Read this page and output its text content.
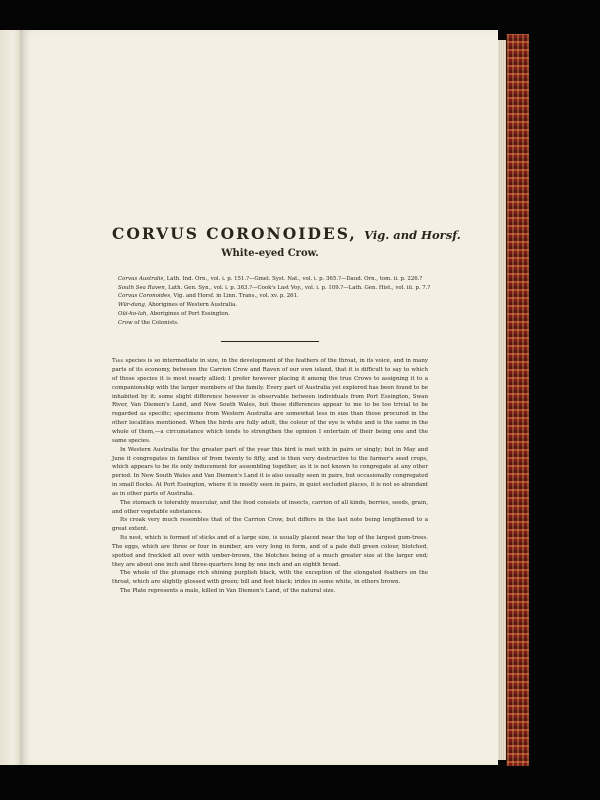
CORVUS CORONOIDES, Vig. and Horsf.
White-eyed Crow.
Corvus Australis, Lath. Ind. Orn., vol. i. p. 151.?—Gmel. Syst. Nat., vol. i. p. 365.?—Daud. Orn., tom. ii. p. 226.?
South Sea Raven, Lath. Gen. Syn., vol. i. p. 363.?—Cook's Last Voy., vol. i. p. 109.?—Lath. Gen. Hist., vol. iii. p. 7.?
Corvus Coronoides, Vig. and Horsf. in Linn. Trans., vol. xv. p. 261.
Wür-dang, Aborigines of Western Australia.
Oüi-ho-lah, Aborigines of Port Essington.
Crow of the Colonists.

This species is so intermediate in size, in the development of the feathers of the throat, in its voice, and in many parts of its economy, between the Carrion Crow and Raven of our own island, that it is difficult to say to which of those species it is most nearly allied; I prefer however placing it among the true Crows to assigning it to a companionship with the larger members of the family. Every part of Australia yet explored has been found to be inhabited by it; some slight difference however is observable between individuals from Port Essington, Swan River, Van Diemen's Land, and New South Wales, but these differences appear to me to be too trivial to be regarded as specific; specimens from Western Australia are somewhat less in size than those procured in the other localities mentioned. When the birds are fully adult, the colour of the eye is white and is the same in the whole of them,—a circumstance which tends to strengthen the opinion I entertain of their being one and the same species.

In Western Australia for the greater part of the year this bird is met with in pairs or singly; but in May and June it congregates in families of from twenty to fifty, and is then very destructive to the farmer's seed crops, which appears to be its only inducement for assembling together, as it is not known to congregate at any other period. In New South Wales and Van Diemen's Land it is also usually seen in pairs, but occasionally congregated in small flocks. At Port Essington, where it is mostly seen in pairs, in quiet secluded places, it is not so abundant as in other parts of Australia.

The stomach is tolerably muscular, and the food consists of insects, carrion of all kinds, berries, seeds, grain, and other vegetable substances.

Its croak very much resembles that of the Carrion Crow, but differs in the last note being lengthened to a great extent.

Its nest, which is formed of sticks and of a large size, is usually placed near the top of the largest gum-trees. The eggs, which are three or four in number, are very long in form, and of a pale dull green colour, blotched, spotted and freckled all over with umber-brown, the blotches being of a much greater size at the larger end; they are about one inch and three-quarters long by one inch and an eighth broad.

The whole of the plumage rich shining purplish black, with the exception of the elongated feathers on the throat, which are slightly glossed with green; bill and feet black; irides in some white, in others brown.

The Plate represents a male, killed in Van Diemen's Land, of the natural size.
